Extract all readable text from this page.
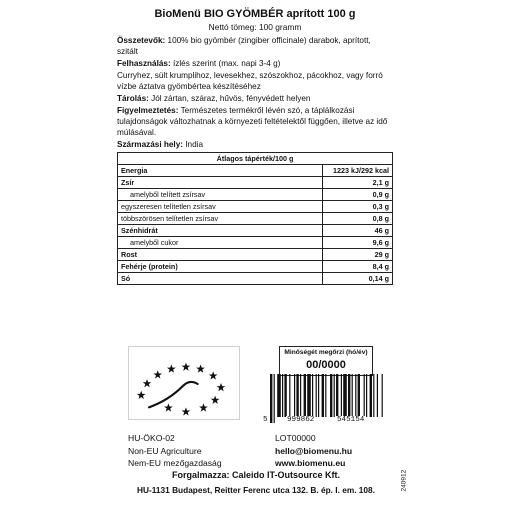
BioMenü BIO GYÖMBÉR aprított 100 g
Nettó tömeg: 100 gramm
Összetevők: 100% bio gyömbér (zingiber officinale) darabok, aprított, szitált
Felhasználás: ízlés szerint (max. napi 3-4 g)
Curryhez, sült krumplihoz, levesekhez, szószokhoz, pácokhoz, vagy forró vízbe áztatva gyömbértea készítéséhez
Tárolás: Jól zártan, száraz, hűvös, fényvédett helyen
Figyelmeztetés: Természetes termékről lévén szó, a táplálkozási tulajdonságok változhatnak a környezeti feltételektől függően, illetve az idő múlásával.
Származási hely: India
Átlagos tápérték/100 g	
Energia	1223 kJ/292 kcal
Zsír	2,1 g
amelyből telített zsírsav	0,9 g
egyszeresen telítetlen zsírsav	0,3 g
többszörösen telítetlen zsírsav	0,8 g
Szénhidrát	46 g
amelyből cukor	9,6 g
Rost	29 g
Fehérje (protein)	8,4 g
Só	0,14 g
Minőségét megőrzi (hó/év)
00/0000
5	999862	545154
HU-ÖKO-02
Non-EU Agriculture
Nem-EU mezőgazdaság
LOT00000
hello@biomenu.hu
www.biomenu.eu
Forgalmazza: Caleido IT-Outsource Kft.
HU-1131 Budapest, Reitter Ferenc utca 132. B. ép. I. em. 108.	240912
